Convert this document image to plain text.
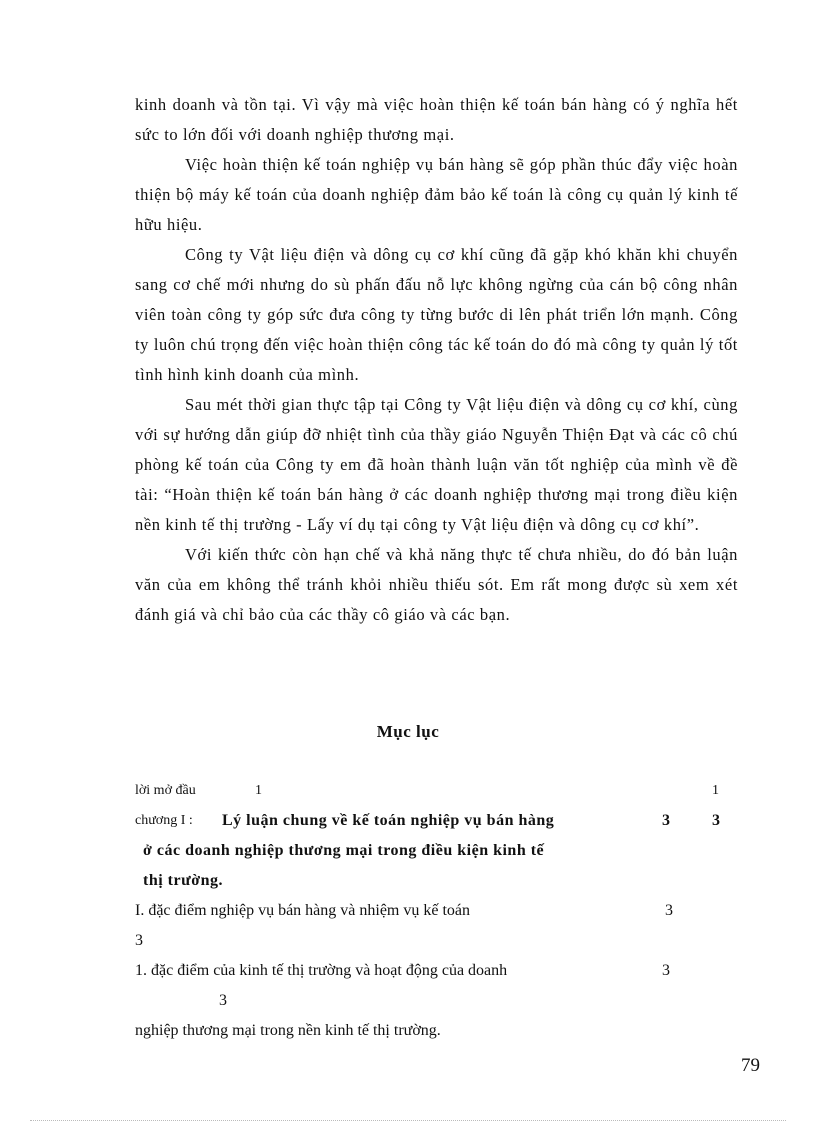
kinh doanh và tồn tại. Vì vậy mà việc hoàn thiện kế toán bán hàng có ý nghĩa hết sức to lớn đối với doanh nghiệp thương mại.

Việc hoàn thiện kế toán nghiệp vụ bán hàng sẽ góp phần thúc đẩy việc hoàn thiện bộ máy kế toán của doanh nghiệp đảm bảo kế toán là công cụ quản lý kinh tế hữu hiệu.

Công ty Vật liệu điện và dông cụ cơ khí cũng đã gặp khó khăn khi chuyển sang cơ chế mới nhưng do sù phấn đấu nỗ lực không ngừng của cán bộ công nhân viên toàn công ty góp sức đưa công ty từng bước di lên phát triển lớn mạnh. Công ty luôn chú trọng đến việc hoàn thiện công tác kế toán do đó mà công ty quản lý tốt tình hình kinh doanh của mình.

Sau mét thời gian thực tập tại Công ty Vật liệu điện và dông cụ cơ khí, cùng với sự hướng dẫn giúp đỡ nhiệt tình của thầy giáo Nguyễn Thiện Đạt và các cô chú phòng kế toán của Công ty em đã hoàn thành luận văn tốt nghiệp của mình về đề tài: “Hoàn thiện kế toán bán hàng ở các doanh nghiệp thương mại trong điều kiện nền kinh tế thị trường - Lấy ví dụ tại công ty Vật liệu điện và dông cụ cơ khí”.

Với kiến thức còn hạn chế và khả năng thực tế chưa nhiều, do đó bản luận văn của em không thể tránh khỏi nhiều thiếu sót. Em rất mong được sù xem xét đánh giá và chỉ bảo của các thầy cô giáo và các bạn.

Mục lục
lời mở đầu	1	1
chương I : Lý luận chung về kế toán nghiệp vụ bán hàng	3	3
ở các doanh nghiệp thương mại trong điều kiện kinh tế
thị trường.
I. đặc điểm nghiệp vụ bán hàng và nhiệm vụ kế toán	3
3
1. đặc điểm của kinh tế thị trường và hoạt động của doanh	3
3
nghiệp thương mại trong nền kinh tế thị trường.
79
